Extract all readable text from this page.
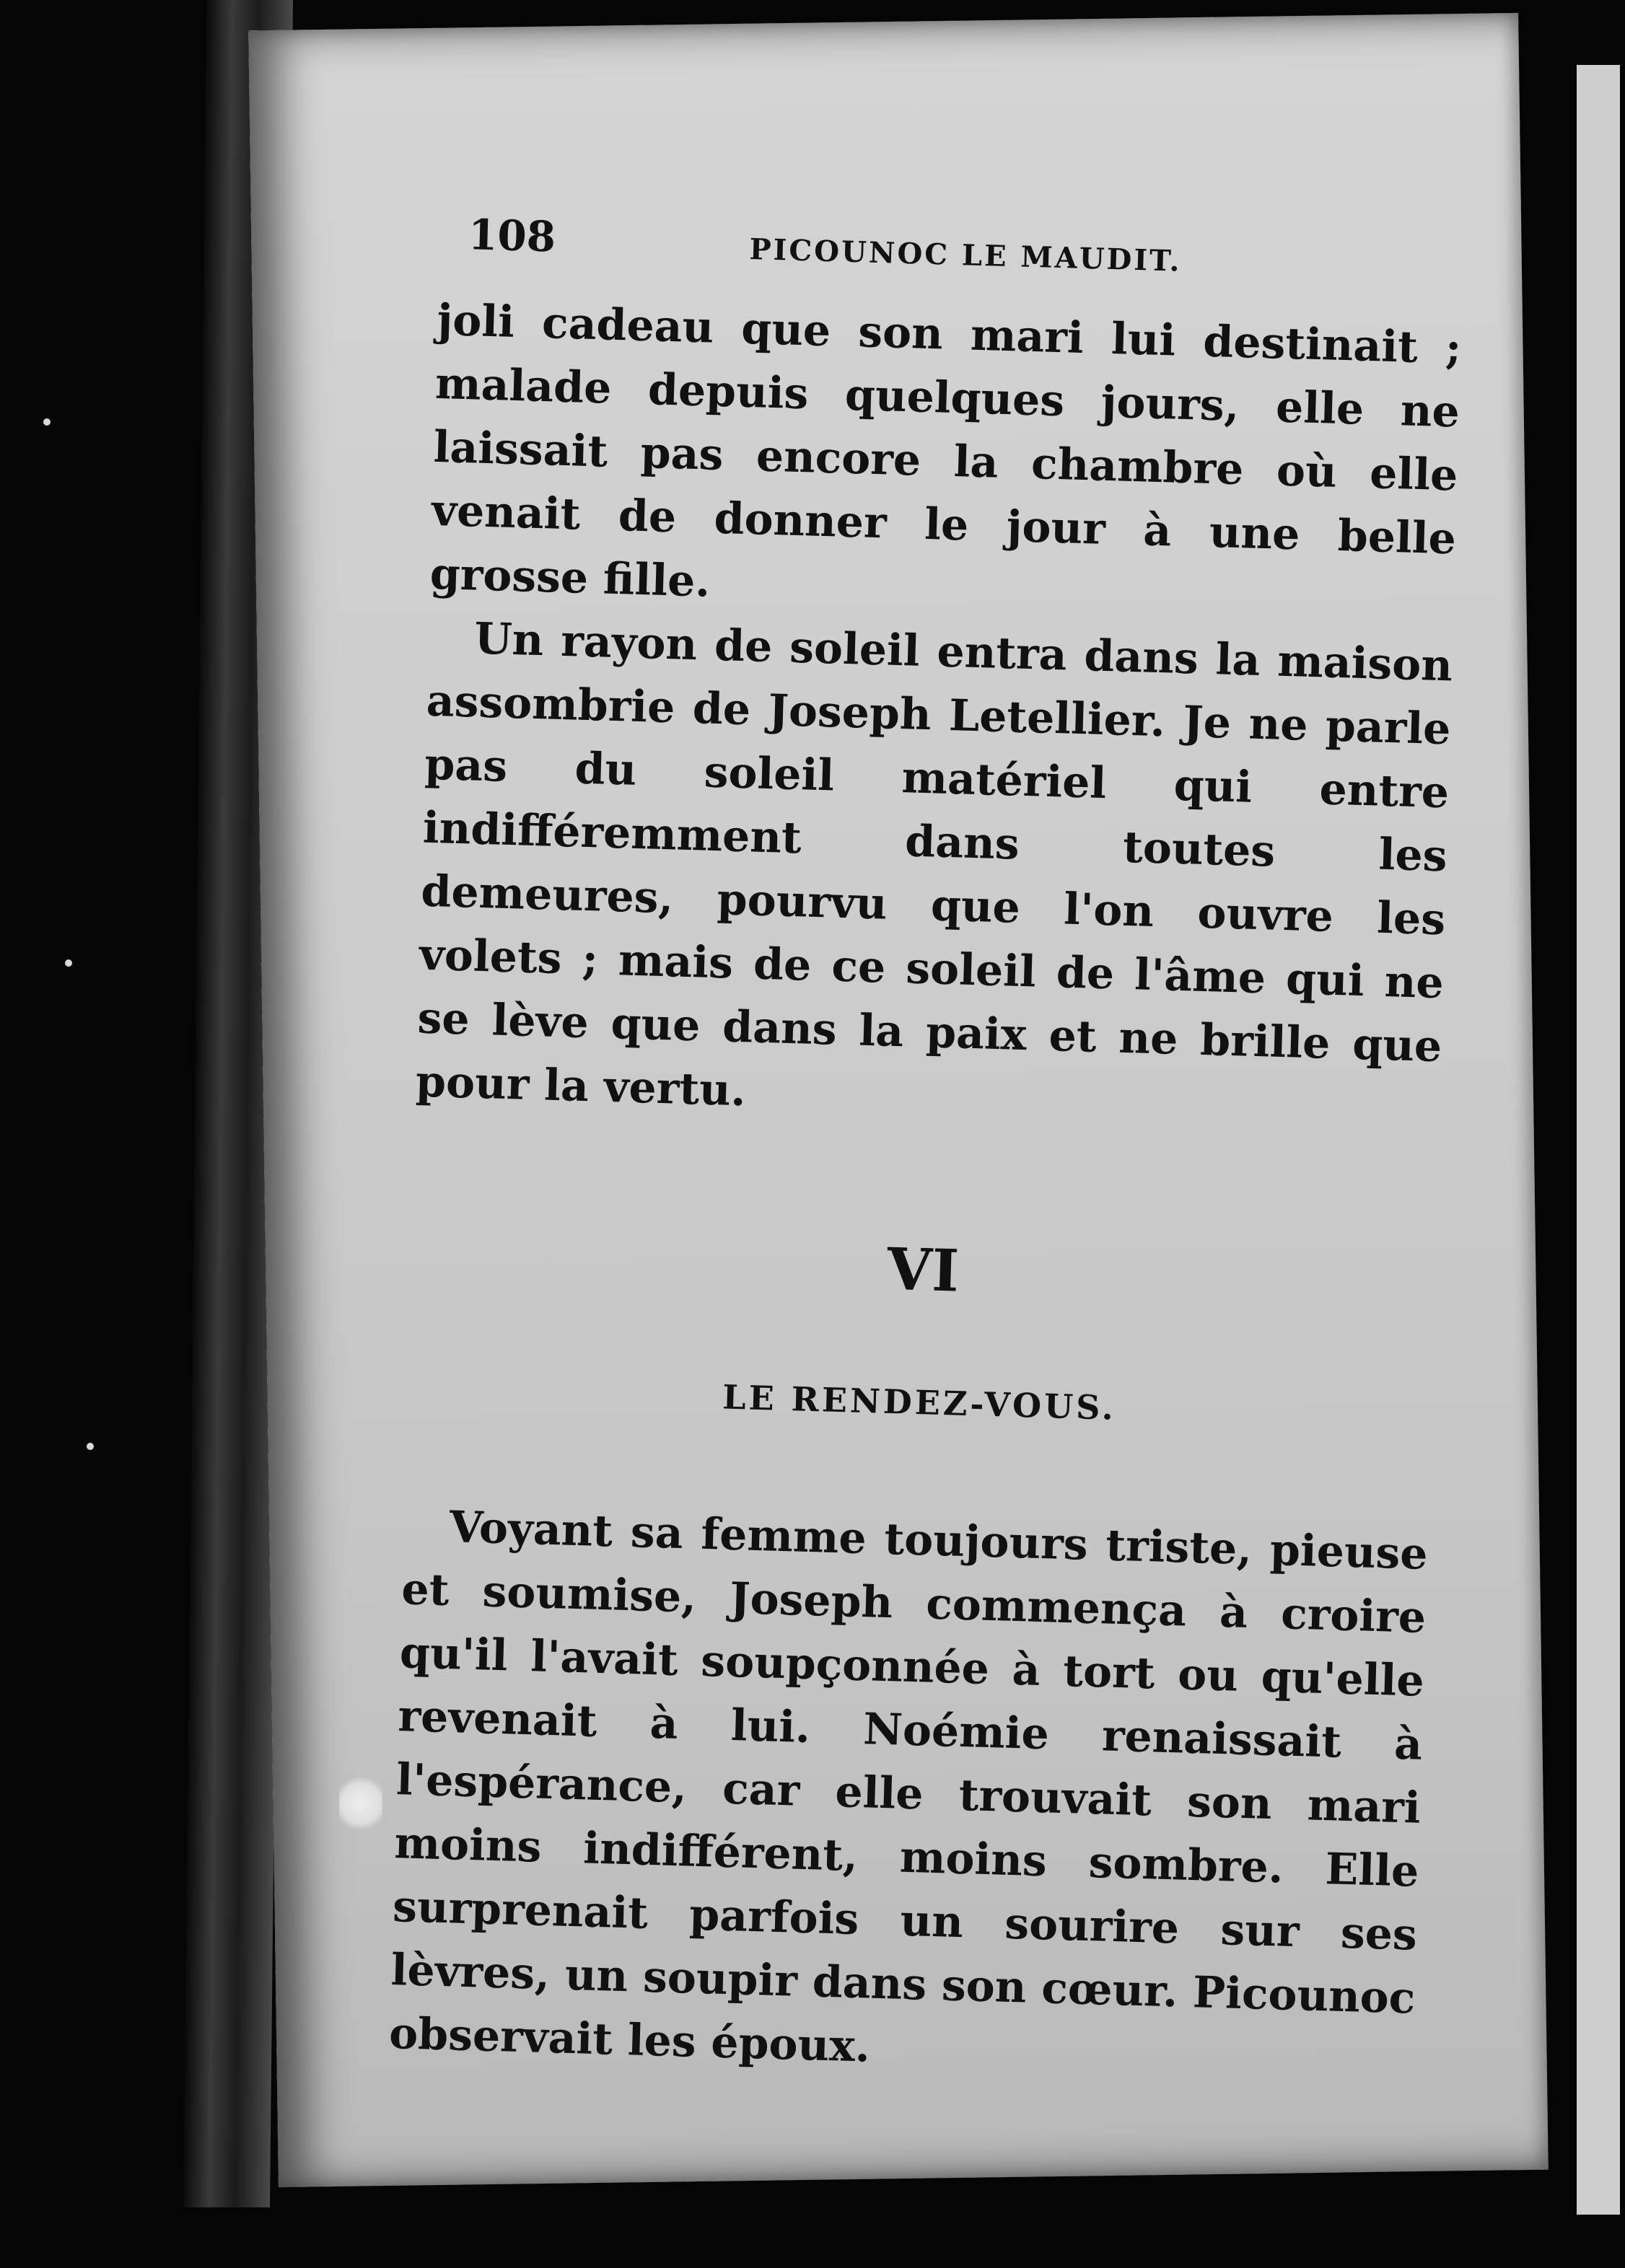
108	PICOUNOC LE MAUDIT.

joli cadeau que son mari lui destinait ; malade depuis quelques jours, elle ne laissait pas encore la chambre où elle venait de donner le jour à une belle grosse fille.

Un rayon de soleil entra dans la maison assombrie de Joseph Letellier. Je ne parle pas du soleil matériel qui entre indifféremment dans toutes les demeures, pourvu que l'on ouvre les volets ; mais de ce soleil de l'âme qui ne se lève que dans la paix et ne brille que pour la vertu.

VI
LE RENDEZ-VOUS.

Voyant sa femme toujours triste, pieuse et soumise, Joseph commença à croire qu'il l'avait soupçonnée à tort ou qu'elle revenait à lui. Noémie renaissait à l'espérance, car elle trouvait son mari moins indifférent, moins sombre. Elle surprenait parfois un sourire sur ses lèvres, un soupir dans son cœur. Picounoc observait les époux.
